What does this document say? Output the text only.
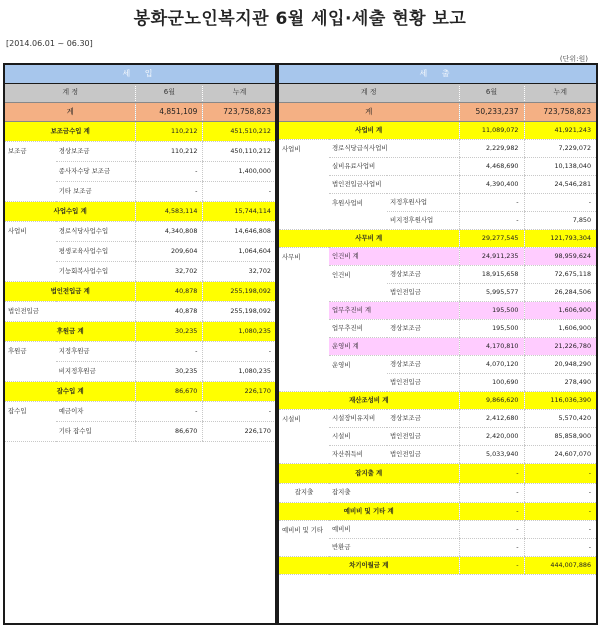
봉화군노인복지관 6월 세입·세출 현황 보고
[2014.06.01 ~ 06.30]
(단위:원)
세 입			
계 정		6월	누계
계		4,851,109	723,758,823
보조금수입 계		110,212	451,510,212
보조금	경상보조금	110,212	450,110,212
	종사자수당 보조금	-	1,400,000
	기타 보조금	-	-
사업수입 계		4,583,114	15,744,114
사업비	경로식당사업수입	4,340,808	14,646,808
	평생교육사업수입	209,604	1,064,604
	기능회복사업수입	32,702	32,702
법인전입금 계		40,878	255,198,092
법인전입금		40,878	255,198,092
후원금 계		30,235	1,080,235
후원금	지정후원금	-	-
	비지정후원금	30,235	1,080,235
잡수입 계		86,670	226,170
잡수입	예금이자	-	-
	기타 잡수입	86,670	226,170
세 출				
계 정			6월	누계
계			50,233,237	723,758,823
사업비 계			11,089,072	41,921,243
사업비	경로식당급식사업비		2,229,982	7,229,072
	실비유료사업비		4,468,690	10,138,040
	법인전입금사업비		4,390,400	24,546,281
	후원사업비	지정후원사업	-	-
		비지정후원사업	-	7,850
사무비 계			29,277,545	121,793,304
사무비	인건비 계		24,911,235	98,959,624
	인건비	경상보조금	18,915,658	72,675,118
		법인전입금	5,995,577	26,284,506
	업무추진비 계		195,500	1,606,900
	업무추진비	경상보조금	195,500	1,606,900
	운영비 계		4,170,810	21,226,780
	운영비	경상보조금	4,070,120	20,948,290
		법인전입금	100,690	278,490
재산조성비 계			9,866,620	116,036,390
시설비	시설장비유지비	경상보조금	2,412,680	5,570,420
	시설비	법인전입금	2,420,000	85,858,900
	자산취득비	법인전입금	5,033,940	24,607,070
잡지출 계			-	-
잡지출	잡지출		-	-
예비비 및 기타 계			-	-
예비비 및 기타	예비비		-	-
	반환금		-	-
차기이월금 계			-	444,007,886
